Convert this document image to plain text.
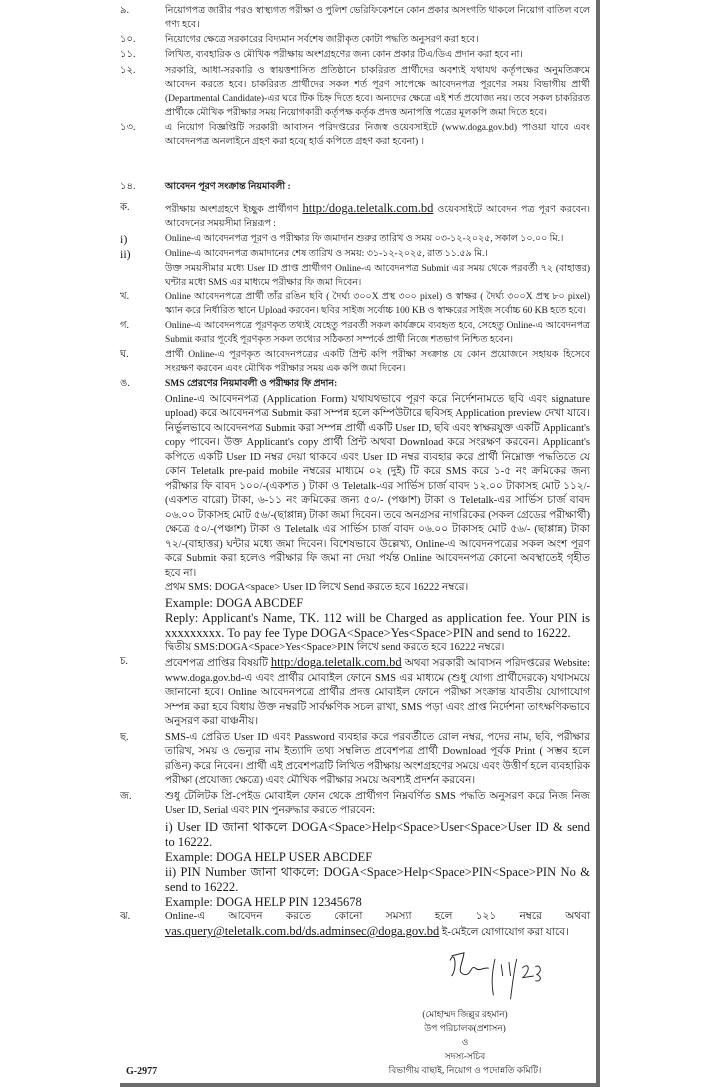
৯.	নিয়োগপত্র জারীর পরও স্বাস্থ্যগত পরীক্ষা ও পুলিশ ভেরিফিকেশনে কোন প্রকার অসংগতি থাকলে নিয়োগ বাতিল বলে গণ্য হবে।
১০.	নিয়োগের ক্ষেত্রে সরকারের বিদ্যমান সর্বশেষ জারীকৃত কোটা পদ্ধতি অনুসরণ করা হবে।
১১.	লিখিত, ব্যবহারিক ও মৌখিক পরীক্ষায় অংশগ্রহণের জন্য কোন প্রকার টিএ/ডিএ প্রদান করা হবে না।
১২.	সরকারি, আধা-সরকারি ও স্বায়ত্তশাসিত প্রতিষ্ঠানে চাকরিরত প্রার্থীদের অবশ্যই যথাযথ কর্তৃপক্ষের অনুমতিক্রমে আবেদন করতে হবে। চাকরিরত প্রার্থীদের সকল শর্ত পূরণ সাপেক্ষে আবেদনপত্র পূরণের সময় বিভাগীয় প্রার্থী (Departmental Candidate)-এর ঘরে টিক চিহ্ন দিতে হবে। অন্যদের ক্ষেত্রে এই শর্ত প্রযোজ্য নয়। তবে সকল চাকরিরত প্রার্থীকে মৌখিক পরীক্ষার সময় নিয়োগকারী কর্তৃপক্ষ কর্তৃক প্রদত্ত অনাপত্তি পত্রের মূলকপি জমা দিতে হবে।
১৩.	এ নিয়োগ বিজ্ঞপ্তিটি সরকারী আবাসন পরিদপ্তরের নিজস্ব ওয়েবসাইটে (www.doga.gov.bd) পাওয়া যাবে এবং আবেদনপত্র অনলাইনে গ্রহণ করা হবে( হার্ড কপিতে গ্রহণ করা হবেনা) ।
১৪.	আবেদন পূরণ সংক্রান্ত নিয়মাবলী :
ক.	পরীক্ষায় অংশগ্রহণে ইচ্ছুক প্রার্থীগণ http:/doga.teletalk.com.bd ওয়েবসাইটে আবেদন পত্র পূরণ করবেন। আবেদনের সময়সীমা নিম্নরূপ :
i)	Online-এ আবেদনপত্র পূরণ ও পরীক্ষার ফি জমাদান শুরুর তারিখ ও সময় ০৩-১২-২০২৫, সকাল ১০.০০ মি.।
ii)	Online-এ আবেদনপত্র জমাদানের শেষ তারিখ ও সময়: ৩১-১২-২০২৫, রাত ১১.৫৯ মি.।
উক্ত সময়সীমার মধ্যে User ID প্রাপ্ত প্রার্থীগণ Online-এ আবেদনপত্র Submit এর সময় থেকে পরবর্তী ৭২ (বাহাত্তর) ঘন্টার মধ্যে SMS এর মাধ্যমে পরীক্ষার ফি জমা দিবেন।
খ.	Online আবেদনপত্রে প্রার্থী তাঁর রঙিন ছবি ( দৈর্ঘ্য ৩০০X প্রস্থ ৩০০ pixel) ও স্বাক্ষর ( দৈর্ঘ্য ৩০০X প্রস্থ ৮০ pixel) স্ক্যান করে নির্ধারিত স্থানে Upload করবেন। ছবির সাইজ সর্বোচ্চ 100 KB ও স্বাক্ষরের সাইজ সর্বোচ্চ 60 KB হতে হবে।
গ.	Online-এ আবেদনপত্রে পূরণকৃত তথ্যই যেহেতু পরবর্তী সকল কার্যক্রমে ব্যবহৃত হবে, সেহেতু Online-এ আবেদনপত্র Submit করার পূর্বেই পূরণকৃত সকল তথ্যের সঠিকতা সম্পর্কে প্রার্থী নিজে শতভাগ নিশ্চিত হবেন।
ঘ.	প্রার্থী Online-এ পূরণকৃত আবেদনপত্রের একটি প্রিন্ট কপি পরীক্ষা সংক্রান্ত যে কোন প্রয়োজনে সহায়ক হিসেবে সংরক্ষণ করবেন এবং মৌখিক পরীক্ষার সময় এক কপি জমা দিবেন।
ঙ.	SMS প্রেরণের নিয়মাবলী ও পরীক্ষার ফি প্রদান:
Online-এ আবেদনপত্র (Application Form) যথাযথভাবে পূরণ করে নির্দেশনামতে ছবি এবং signature upload) করে আবেদনপত্র Submit করা সম্পন্ন হলে কম্পিউটারে ছবিসহ Application preview দেখা যাবে। নির্ভুলভাবে আবেদনপত্র Submit করা সম্পন্ন প্রার্থী একটি User ID, ছবি এবং স্বাক্ষরযুক্ত একটি Applicant's copy পাবেন। উক্ত Applicant's copy প্রার্থী প্রিন্ট অথবা Download করে সংরক্ষণ করবেন। Applicant's কপিতে একটি User ID নম্বর দেয়া থাকবে এবং User ID নম্বর ব্যবহার করে প্রার্থী নিম্নোক্ত পদ্ধতিতে যে কোন Teletalk pre-paid mobile নম্বরের মাধ্যমে ০২ (দুই) টি করে SMS করে ১-৫ নং ক্রমিকের জন্য পরীক্ষার ফি বাবদ ১০০/-(একশত ) টাকা ও Teletalk-এর সার্ভিস চার্জ বাবদ ১২.০০ টাকাসহ মোট ১১২/- (একশত বারো) টাকা, ৬-১১ নং ক্রমিকের জন্য ৫০/- (পঞ্চাশ) টাকা ও Teletalk-এর সার্ভিস চার্জ বাবদ ০৬.০০ টাকাসহ মোট ৫৬/-(ছাপ্পান্ন) টাকা জমা দিবেন। তবে অনগ্রসর নাগরিকের (সকল গ্রেডের পরীক্ষার্থী) ক্ষেত্রে ৫০/-(পঞ্চাশ) টাকা ও Teletalk এর সার্ভিস চার্জ বাবদ ০৬.০০ টাকাসহ মোট ৫৬/- (ছাপ্পান্ন) টাকা ৭২/-(বাহাত্তর) ঘন্টার মধ্যে জমা দিবেন। বিশেষভাবে উল্লেখ্য, Online-এ আবেদনপত্রের সকল অংশ পূরণ করে Submit করা হলেও পরীক্ষার ফি জমা না দেয়া পর্যন্ত Online আবেদনপত্র কোনো অবস্থাতেই গৃহীত হবে না।
প্রথম SMS: DOGA<space> User ID লিখে Send করতে হবে 16222 নম্বরে।
Example: DOGA ABCDEF
Reply: Applicant's Name, TK. 112 will be Charged as application fee. Your PIN is xxxxxxxxx. To pay fee Type DOGA<Space>Yes<Space>PIN and send to 16222.
দ্বিতীয় SMS:DOGA<Space>Yes<Space>PIN লিখে send করতে হবে 16222 নম্বরে।
চ.	প্রবেশপত্র প্রাপ্তির বিষয়টি http:/doga.teletalk.com.bd অথবা সরকারী আবাসন পরিদপ্তরের Website: www.doga.gov.bd-এ এবং প্রার্থীর মোবাইল ফোনে SMS এর মাধ্যমে (শুধু যোগ্য প্রার্থীদেরকে) যথাসময়ে জানানো হবে। Online আবেদনপত্রে প্রার্থীর প্রদত্ত মোবাইল ফোনে পরীক্ষা সংক্রান্ত যাবতীয় যোগাযোগ সম্পন্ন করা হবে বিধায় উক্ত নম্বরটি সার্বক্ষণিক সচল রাখা, SMS পড়া এবং প্রাপ্ত নির্দেশনা তাৎক্ষণিকভাবে অনুসরণ করা বাঞ্চনীয়।
ছ.	SMS-এ প্রেরিত User ID এবং Password ব্যবহার করে পরবর্তীতে রোল নম্বর, পদের নাম, ছবি, পরীক্ষার তারিখ, সময় ও ভেন্যুর নাম ইত্যাদি তথ্য সম্বলিত প্রবেশপত্র প্রার্থী Download পূর্বক Print ( সম্ভব হলে রঙিন) করে নিবেন। প্রার্থী এই প্রবেশপত্রটি লিখিত পরীক্ষায় অংশগ্রহণের সময়ে এবং উত্তীর্ণ হলে ব্যবহারিক পরীক্ষা (প্রযোজ্য ক্ষেত্রে) এবং মৌখিক পরীক্ষার সময়ে অবশ্যই প্রদর্শন করবেন।
জ.	শুধু টেলিটক প্রি-পেইড মোবাইল ফোন থেকে প্রার্থীগণ নিম্নবর্ণিত SMS পদ্ধতি অনুসরণ করে নিজ নিজ User ID, Serial এবং PIN পুনরুদ্ধার করতে পারবেন:
i) User ID জানা থাকলে DOGA<Space>Help<Space>User<Space>User ID & send to 16222.
Example: DOGA HELP USER ABCDEF
ii) PIN Number জানা থাকলে: DOGA<Space>Help<Space>PIN<Space>PIN No & send to 16222.
Example: DOGA HELP PIN 12345678
ঝ.	Online-এ আবেদন করতে কোনো সমস্যা হলে ১২১ নম্বরে অথবা vas.query@teletalk.com.bd/ds.adminsec@doga.gov.bd ই-মেইলে যোগাযোগ করা যাবে।
G-2977
(মোহাম্মদ জিল্লুর রহমান)
উপ পরিচালক(প্রশাসন)
ও
সদস্য-সচিব
বিভাগীয় বাছাই, নিয়োগ ও পদোন্নতি কমিটি।
